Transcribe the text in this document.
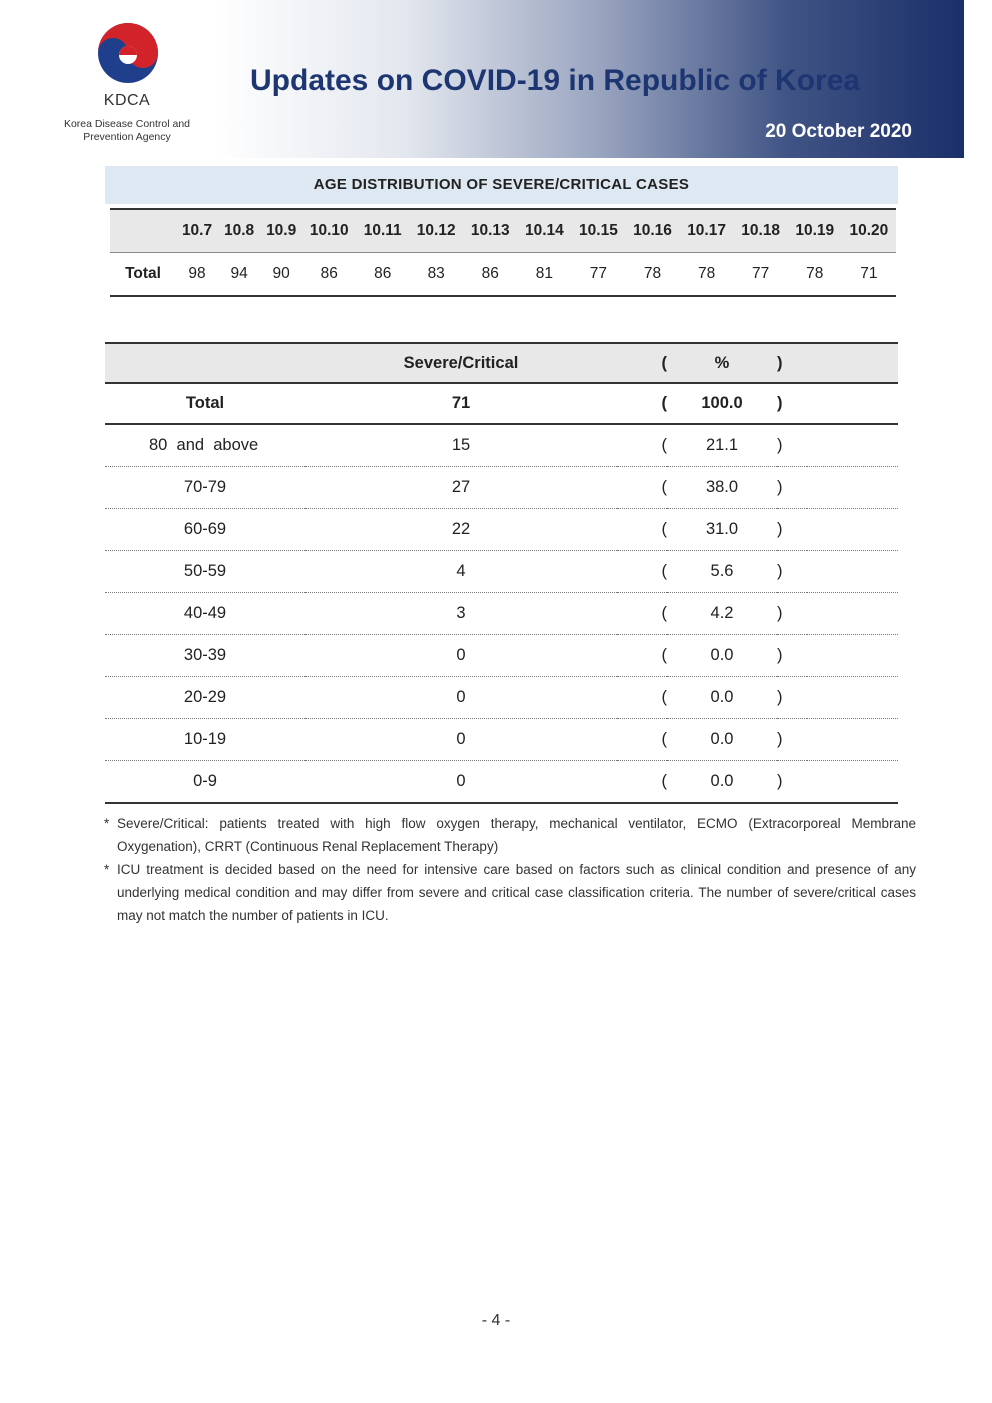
KDCA
Korea Disease Control and
Prevention Agency
Updates on COVID-19 in Republic of Korea
20 October 2020
AGE DISTRIBUTION OF SEVERE/CRITICAL CASES
	10.7	10.8	10.9	10.10	10.11	10.12	10.13	10.14	10.15	10.16	10.17	10.18	10.19	10.20
Total	98	94	90	86	86	83	86	81	77	78	78	77	78	71
	Severe/Critical	(	%	)	
Total	71	(	100.0	)	
80  and  above	15	(	21.1	)	
70-79	27	(	38.0	)	
60-69	22	(	31.0	)	
50-59	4	(	5.6	)	
40-49	3	(	4.2	)	
30-39	0	(	0.0	)	
20-29	0	(	0.0	)	
10-19	0	(	0.0	)	
0-9	0	(	0.0	)	
* Severe/Critical: patients treated with high flow oxygen therapy, mechanical ventilator, ECMO (Extracorporeal Membrane Oxygenation), CRRT (Continuous Renal Replacement Therapy)
* ICU treatment is decided based on the need for intensive care based on factors such as clinical condition and presence of any underlying medical condition and may differ from severe and critical case classification criteria. The number of severe/critical cases may not match the number of patients in ICU.
- 4 -
